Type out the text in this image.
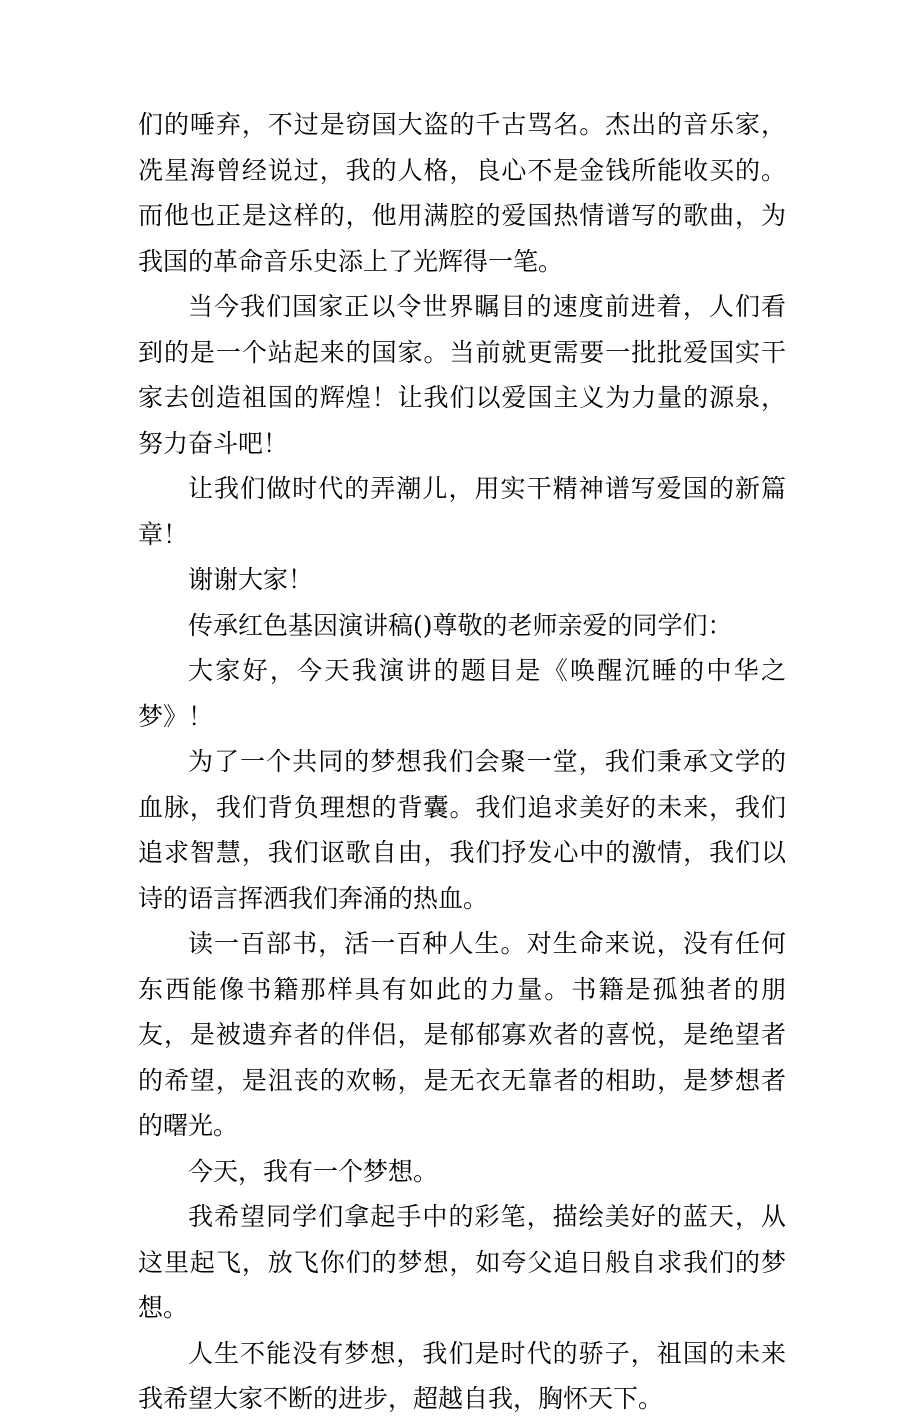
们的唾弃，不过是窃国大盗的千古骂名。杰出的音乐家，冼星海曾经说过，我的人格，良心不是金钱所能收买的。而他也正是这样的，他用满腔的爱国热情谱写的歌曲，为我国的革命音乐史添上了光辉得一笔。

当今我们国家正以令世界瞩目的速度前进着，人们看到的是一个站起来的国家。当前就更需要一批批爱国实干家去创造祖国的辉煌！让我们以爱国主义为力量的源泉，努力奋斗吧！

让我们做时代的弄潮儿，用实干精神谱写爱国的新篇章！

谢谢大家！

传承红色基因演讲稿()尊敬的老师亲爱的同学们：

大家好，今天我演讲的题目是《唤醒沉睡的中华之梦》！

为了一个共同的梦想我们会聚一堂，我们秉承文学的血脉，我们背负理想的背囊。我们追求美好的未来，我们追求智慧，我们讴歌自由，我们抒发心中的激情，我们以诗的语言挥洒我们奔涌的热血。

读一百部书，活一百种人生。对生命来说，没有任何东西能像书籍那样具有如此的力量。书籍是孤独者的朋友，是被遗弃者的伴侣，是郁郁寡欢者的喜悦，是绝望者的希望，是沮丧的欢畅，是无衣无靠者的相助，是梦想者的曙光。

今天，我有一个梦想。

我希望同学们拿起手中的彩笔，描绘美好的蓝天，从这里起飞，放飞你们的梦想，如夸父追日般自求我们的梦想。

人生不能没有梦想，我们是时代的骄子，祖国的未来我希望大家不断的进步，超越自我，胸怀天下。
